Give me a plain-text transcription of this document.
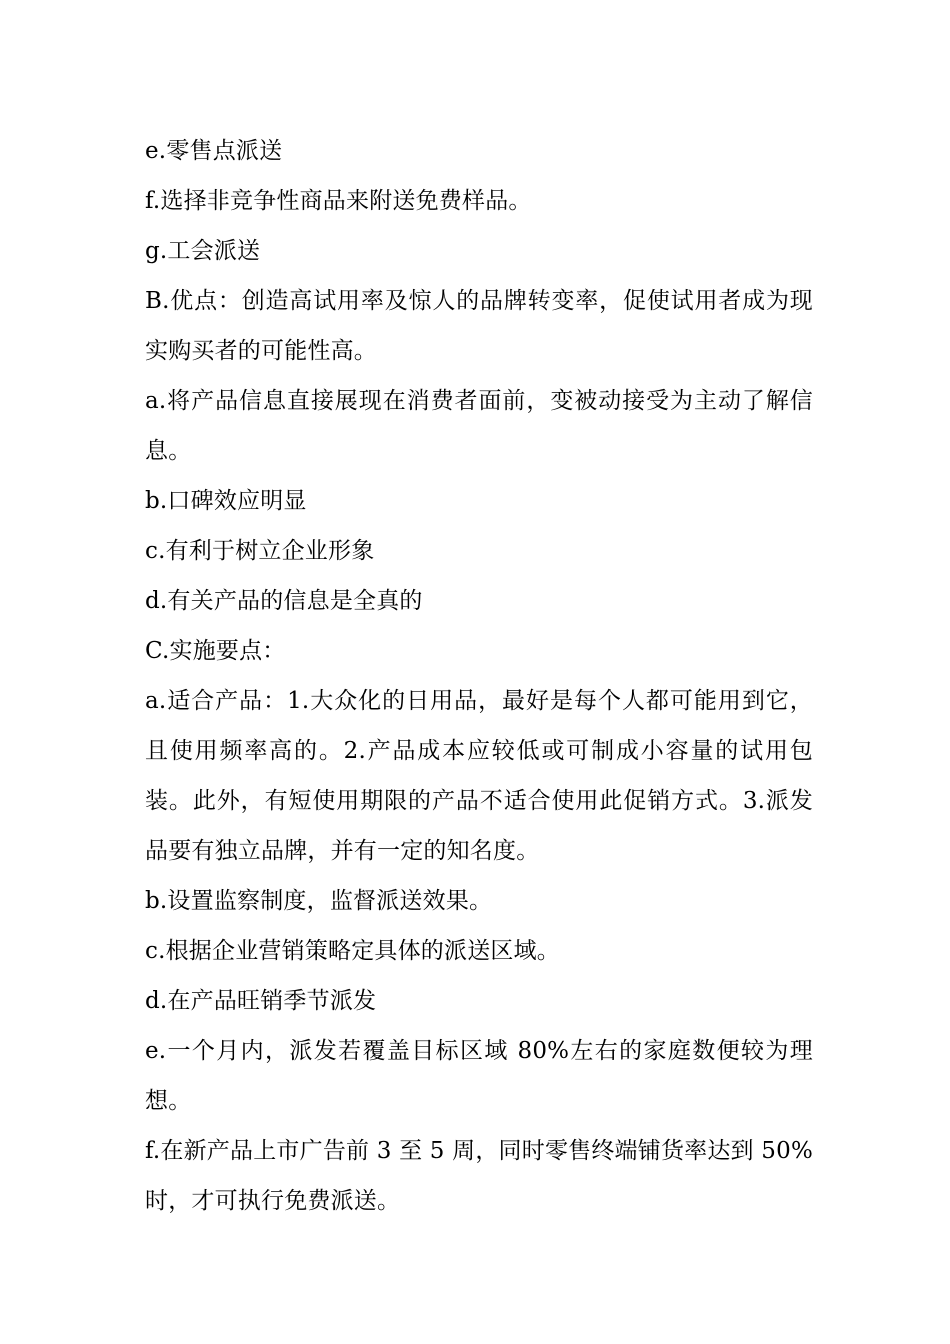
e.零售点派送

f.选择非竞争性商品来附送免费样品。

g.工会派送

B.优点：创造高试用率及惊人的品牌转变率，促使试用者成为现实购买者的可能性高。

a.将产品信息直接展现在消费者面前，变被动接受为主动了解信息。

b.口碑效应明显

c.有利于树立企业形象

d.有关产品的信息是全真的

C.实施要点：

a.适合产品：1.大众化的日用品，最好是每个人都可能用到它，且使用频率高的。2.产品成本应较低或可制成小容量的试用包装。此外，有短使用期限的产品不适合使用此促销方式。3.派发品要有独立品牌，并有一定的知名度。

b.设置监察制度，监督派送效果。

c.根据企业营销策略定具体的派送区域。

d.在产品旺销季节派发

e.一个月内，派发若覆盖目标区域 80%左右的家庭数便较为理想。

f.在新产品上市广告前 3 至 5 周，同时零售终端铺货率达到 50%时，才可执行免费派送。
